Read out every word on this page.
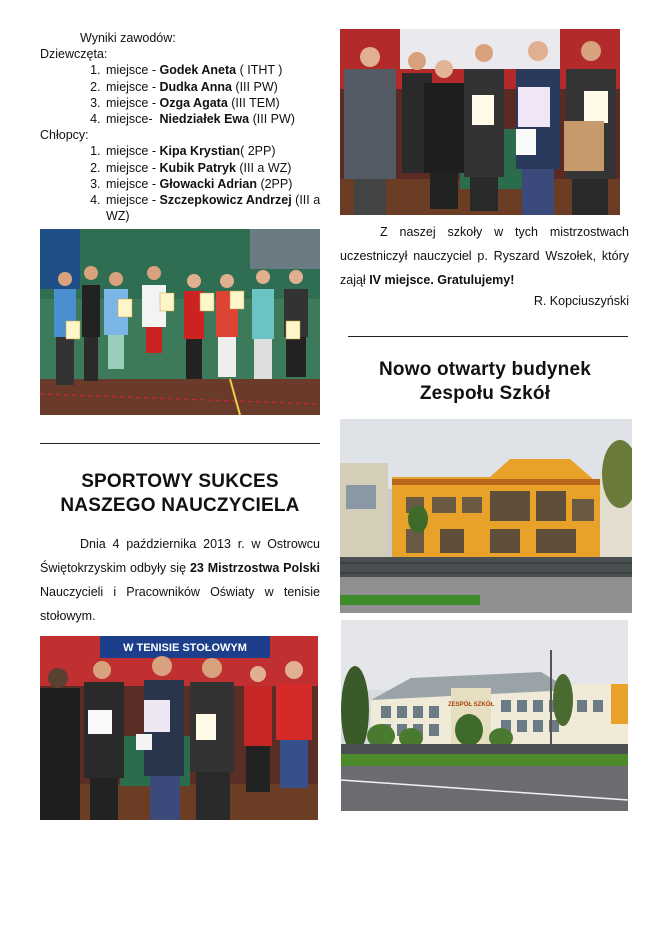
Wyniki zawodów:
Dziewczęta:
1. miejsce - Godek Aneta ( ITHT )
2. miejsce - Dudka Anna (III PW)
3. miejsce - Ozga Agata (III TEM)
4. miejsce-  Niedziałek Ewa (III PW)
Chłopcy:
1. miejsce - Kipa Krystian( 2PP)
2. miejsce - Kubik Patryk (III a WZ)
3. miejsce - Głowacki Adrian (2PP)
4. miejsce - Szczepkowicz Andrzej (III a WZ)

Z naszej szkoły w tych mistrzostwach uczestniczył nauczyciel p. Ryszard Wszołek, który zajął IV miejsce. Gratulujemy!

R. Kopciuszyński

Nowo otwarty budynek
Zespołu Szkół

SPORTOWY SUKCES
NASZEGO NAUCZYCIELA

Dnia 4 października 2013 r. w Ostrowcu Świętokrzyskim odbyły się 23 Mistrzostwa Polski Nauczycieli i Pracowników Oświaty w tenisie stołowym.

W TENISIE STOŁOWYM
ZESPÓŁ SZKÓŁ
